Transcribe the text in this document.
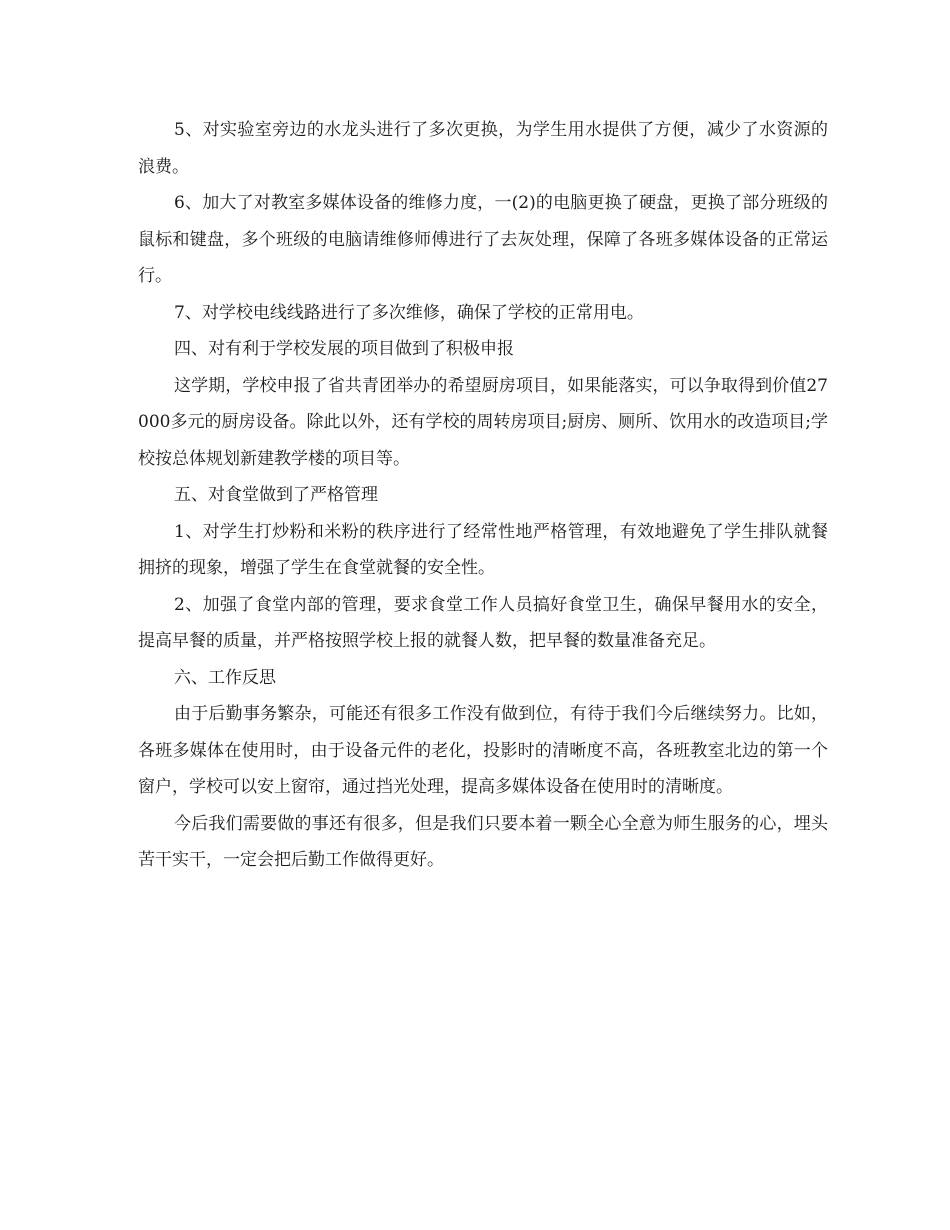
5、对实验室旁边的水龙头进行了多次更换，为学生用水提供了方便，减少了水资源的浪费。

6、加大了对教室多媒体设备的维修力度，一(2)的电脑更换了硬盘，更换了部分班级的鼠标和键盘，多个班级的电脑请维修师傅进行了去灰处理，保障了各班多媒体设备的正常运行。

7、对学校电线线路进行了多次维修，确保了学校的正常用电。

四、对有利于学校发展的项目做到了积极申报

这学期，学校申报了省共青团举办的希望厨房项目，如果能落实，可以争取得到价值27000多元的厨房设备。除此以外，还有学校的周转房项目;厨房、厕所、饮用水的改造项目;学校按总体规划新建教学楼的项目等。

五、对食堂做到了严格管理

1、对学生打炒粉和米粉的秩序进行了经常性地严格管理，有效地避免了学生排队就餐拥挤的现象，增强了学生在食堂就餐的安全性。

2、加强了食堂内部的管理，要求食堂工作人员搞好食堂卫生，确保早餐用水的安全，提高早餐的质量，并严格按照学校上报的就餐人数，把早餐的数量准备充足。

六、工作反思

由于后勤事务繁杂，可能还有很多工作没有做到位，有待于我们今后继续努力。比如，各班多媒体在使用时，由于设备元件的老化，投影时的清晰度不高，各班教室北边的第一个窗户，学校可以安上窗帘，通过挡光处理，提高多媒体设备在使用时的清晰度。

今后我们需要做的事还有很多，但是我们只要本着一颗全心全意为师生服务的心，埋头苦干实干，一定会把后勤工作做得更好。
